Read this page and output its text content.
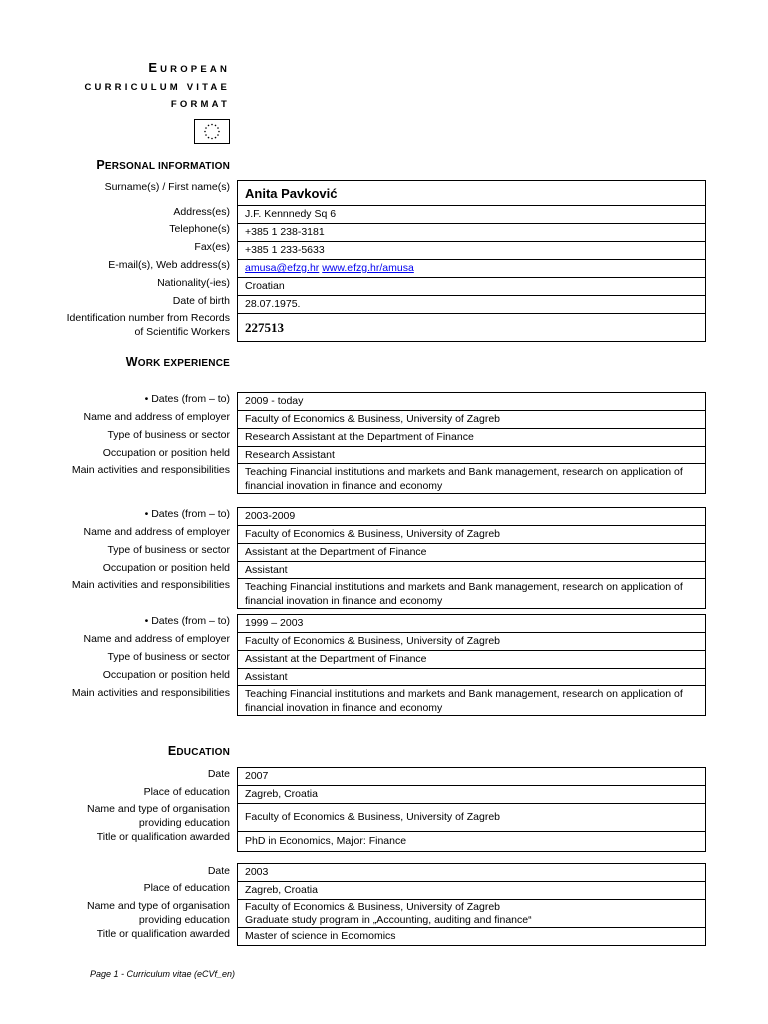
EUROPEAN
CURRICULUM VITAE
FORMAT
PERSONAL INFORMATION
Surname(s) / First name(s)
Address(es)
Telephone(s)
Fax(es)
E-mail(s), Web address(s)
Nationality(-ies)
Date of birth
Identification number from Records
of Scientific Workers
Anita Pavković
J.F. Kennnedy Sq 6
+385 1 238-3181
+385 1 233-5633
amusa@efzg.hr
www.efzg.hr/amusa
Croatian
28.07.1975.
227513
WORK EXPERIENCE
• Dates (from – to)
Name and address of employer
Type of business or sector
Occupation or position held
Main activities and responsibilities
2009 - today
Faculty of Economics & Business, University of Zagreb
Research Assistant at the Department of Finance
Research Assistant
Teaching Financial institutions and markets and Bank management, research on application of
financial inovation in finance and economy
• Dates (from – to)
Name and address of employer
Type of business or sector
Occupation or position held
Main activities and responsibilities
2003-2009
Faculty of Economics & Business, University of Zagreb
Assistant at the Department of Finance
Assistant
Teaching Financial institutions and markets and Bank management, research on application of
financial inovation in finance and economy
• Dates (from – to)
Name and address of employer
Type of business or sector
Occupation or position held
Main activities and responsibilities
1999 – 2003
Faculty of Economics & Business, University of Zagreb
Assistant at the Department of Finance
Assistant
Teaching Financial institutions and markets and Bank management, research on application of
financial inovation in finance and economy
EDUCATION
Date
Place of education
Name and type of organisation
providing education
Title or qualification awarded
2007
Zagreb, Croatia
Faculty of Economics & Business, University of Zagreb
PhD in Economics, Major: Finance
Date
Place of education
Name and type of organisation
providing education
Title or qualification awarded
2003
Zagreb, Croatia
Faculty of Economics & Business, University of Zagreb
Graduate study program in „Accounting, auditing and finance“
Master of science in Ecomomics
Page 1 - Curriculum vitae (eCVf_en)
